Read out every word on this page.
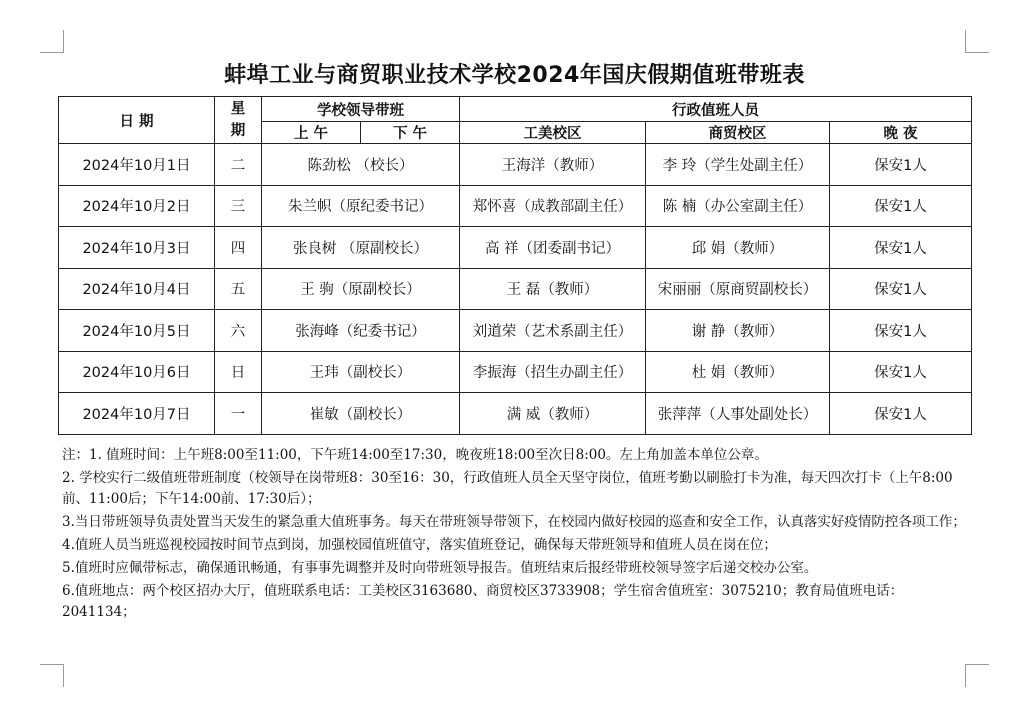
蚌埠工业与商贸职业技术学校2024年国庆假期值班带班表
日 期	星期	学校领导带班		行政值班人员		
		上 午	下 午	工美校区	商贸校区	晚 夜
2024年10月1日	二	陈劲松 （校长）		王海洋（教师）	李 玲（学生处副主任）	保安1人
2024年10月2日	三	朱兰帜（原纪委书记）		郑怀喜（成教部副主任）	陈 楠（办公室副主任）	保安1人
2024年10月3日	四	张良树 （原副校长）		高 祥（团委副书记）	邱 娟（教师）	保安1人
2024年10月4日	五	王 驹（原副校长）		王 磊（教师）	宋丽丽（原商贸副校长）	保安1人
2024年10月5日	六	张海峰（纪委书记）		刘道荣（艺术系副主任）	谢 静（教师）	保安1人
2024年10月6日	日	王玮（副校长）		李振海（招生办副主任）	杜 娟（教师）	保安1人
2024年10月7日	一	崔敏（副校长）		满 威（教师）	张萍萍（人事处副处长）	保安1人

注：1. 值班时间：上午班8:00至11:00，下午班14:00至17:30，晚夜班18:00至次日8:00。左上角加盖本单位公章。

2. 学校实行二级值班带班制度（校领导在岗带班8：30至16：30，行政值班人员全天坚守岗位，值班考勤以刷脸打卡为准，每天四次打卡（上午8:00前、11:00后；下午14:00前、17:30后）；

3.当日带班领导负责处置当天发生的紧急重大值班事务。每天在带班领导带领下，在校园内做好校园的巡查和安全工作，认真落实好疫情防控各项工作；

4.值班人员当班巡视校园按时间节点到岗，加强校园值班值守，落实值班登记，确保每天带班领导和值班人员在岗在位；

5.值班时应佩带标志，确保通讯畅通，有事事先调整并及时向带班领导报告。值班结束后报经带班校领导签字后递交校办公室。

6.值班地点：两个校区招办大厅，值班联系电话：工美校区3163680、商贸校区3733908；学生宿舍值班室：3075210；教育局值班电话：2041134；
